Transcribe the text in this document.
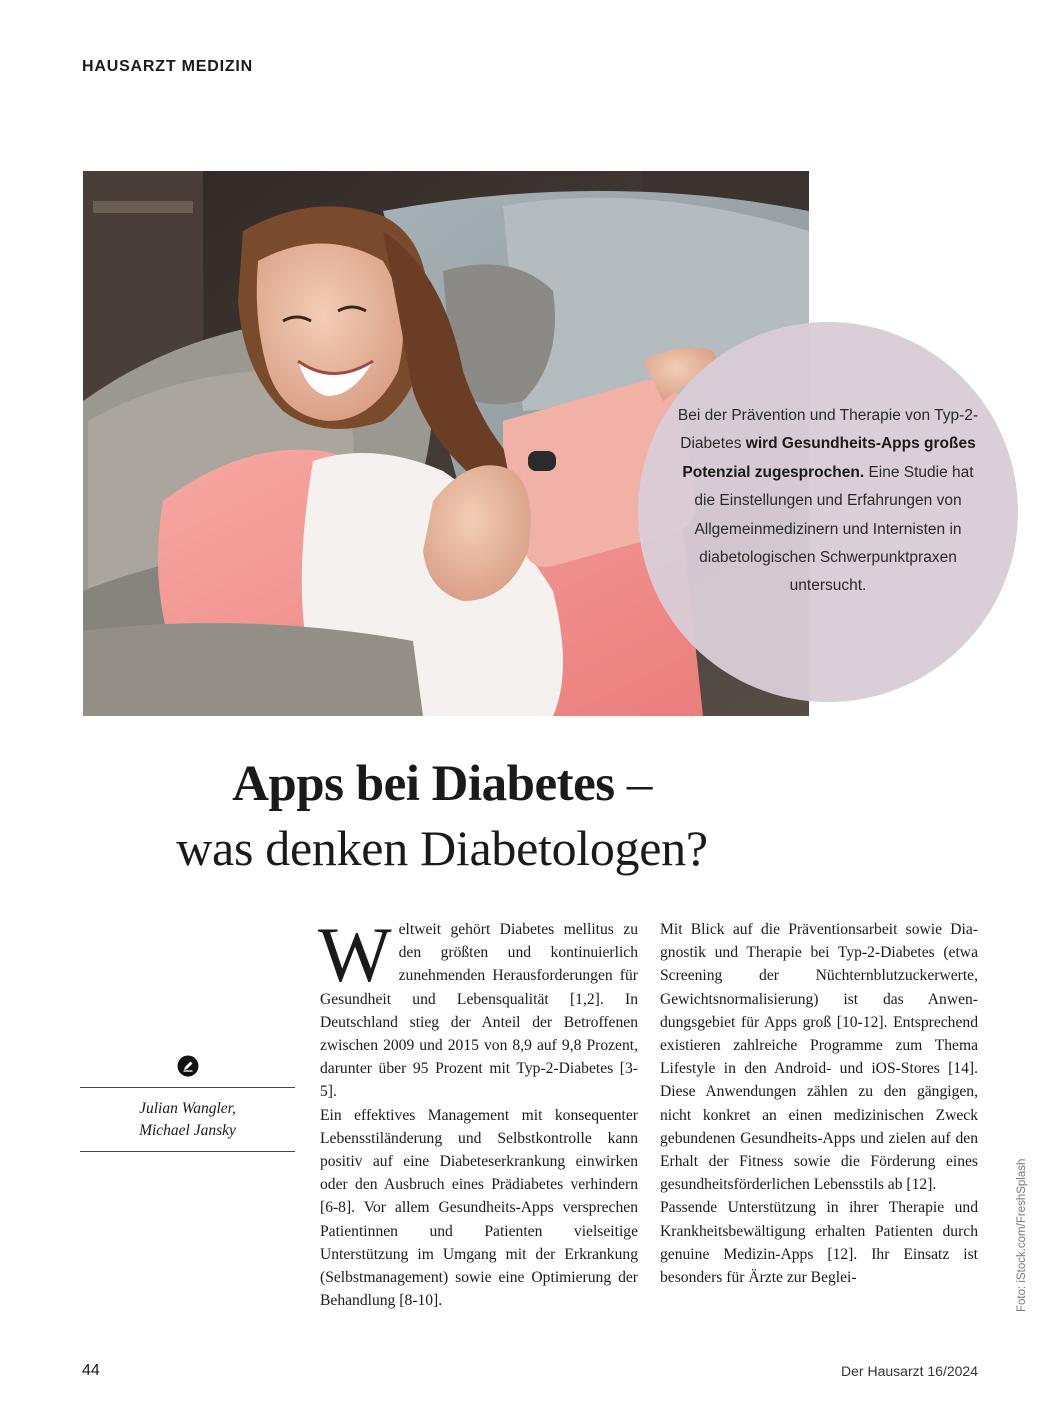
HAUSARZT MEDIZIN
Bei der Prävention und Therapie von Typ-2-Diabetes wird Gesundheits-Apps großes Potenzial zugesprochen. Eine Studie hat die Einstellungen und Erfahrungen von Allgemeinmedizinern und Internisten in diabetologischen Schwerpunktpraxen untersucht.
Apps bei Diabetes –
was denken Diabetologen?
Julian Wangler,
Michael Jansky

Weltweit gehört Diabetes mellitus zu den größten und kontinuierlich zunehmenden Herausforderungen für Gesundheit und Lebensqualität [1,2]. In Deutschland stieg der Anteil der Betroffenen zwischen 2009 und 2015 von 8,9 auf 9,8 Prozent, darunter über 95 Prozent mit Typ-2-Diabetes [3-5].

Ein effektives Management mit konsequenter Lebensstiländerung und Selbstkontrolle kann positiv auf eine Diabeteserkrankung einwirken oder den Ausbruch eines Prädiabetes verhindern [6-8]. Vor allem Gesundheits-Apps versprechen Patientinnen und Patienten vielseitige Unterstützung im Umgang mit der Erkrankung (Selbstmanagement) sowie eine Optimierung der Behandlung [8-10].

Mit Blick auf die Präventionsarbeit sowie Diagnostik und Therapie bei Typ-2-Diabetes (etwa Screening der Nüchternblutzuckerwerte, Gewichtsnormalisierung) ist das Anwendungsgebiet für Apps groß [10-12]. Entsprechend existieren zahlreiche Programme zum Thema Lifestyle in den Android- und iOS-Stores [14]. Diese Anwendungen zählen zu den gängigen, nicht konkret an einen medizinischen Zweck gebundenen Gesundheits-Apps und zielen auf den Erhalt der Fitness sowie die Förderung eines gesundheitsförderlichen Lebensstils ab [12].

Passende Unterstützung in ihrer Therapie und Krankheitsbewältigung erhalten Patienten durch genuine Medizin-Apps [12]. Ihr Einsatz ist besonders für Ärzte zur Beglei-	Foto: iStock.com/FreshSplash
44	Der Hausarzt 16/2024
